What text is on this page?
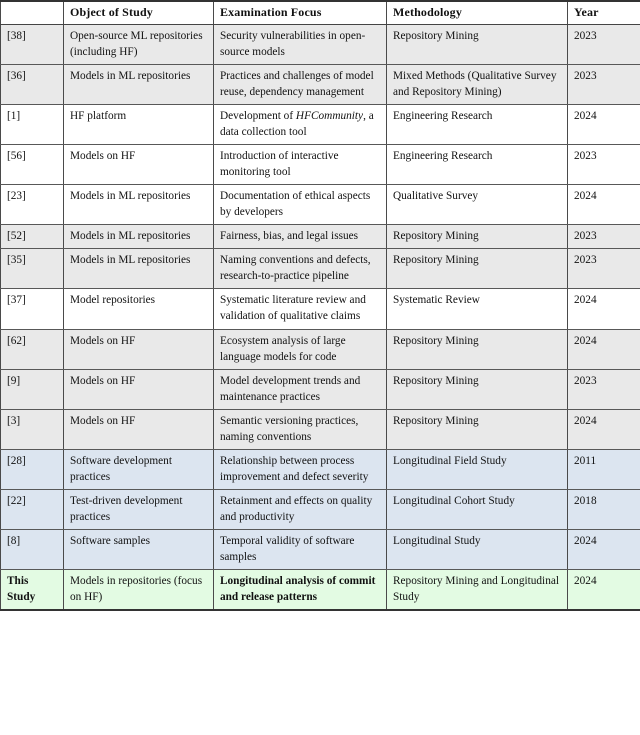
	Object of Study	Examination Focus	Methodology	Year
[38]	Open-source ML repositories (including HF)	Security vulnerabilities in open-source models	Repository Mining	2023
[36]	Models in ML repositories	Practices and challenges of model reuse, dependency management	Mixed Methods (Qualitative Survey and Repository Mining)	2023
[1]	HF platform	Development of HFCommunity, a data collection tool	Engineering Research	2024
[56]	Models on HF	Introduction of interactive monitoring tool	Engineering Research	2023
[23]	Models in ML repositories	Documentation of ethical aspects by developers	Qualitative Survey	2024
[52]	Models in ML repositories	Fairness, bias, and legal issues	Repository Mining	2023
[35]	Models in ML repositories	Naming conventions and defects, research-to-practice pipeline	Repository Mining	2023
[37]	Model repositories	Systematic literature review and validation of qualitative claims	Systematic Review	2024
[62]	Models on HF	Ecosystem analysis of large language models for code	Repository Mining	2024
[9]	Models on HF	Model development trends and maintenance practices	Repository Mining	2023
[3]	Models on HF	Semantic versioning practices, naming conventions	Repository Mining	2024
[28]	Software development practices	Relationship between process improvement and defect severity	Longitudinal Field Study	2011
[22]	Test-driven development practices	Retainment and effects on quality and productivity	Longitudinal Cohort Study	2018
[8]	Software samples	Temporal validity of software samples	Longitudinal Study	2024
This Study	Models in repositories (focus on HF)	Longitudinal analysis of commit and release patterns	Repository Mining and Longitudinal Study	2024
